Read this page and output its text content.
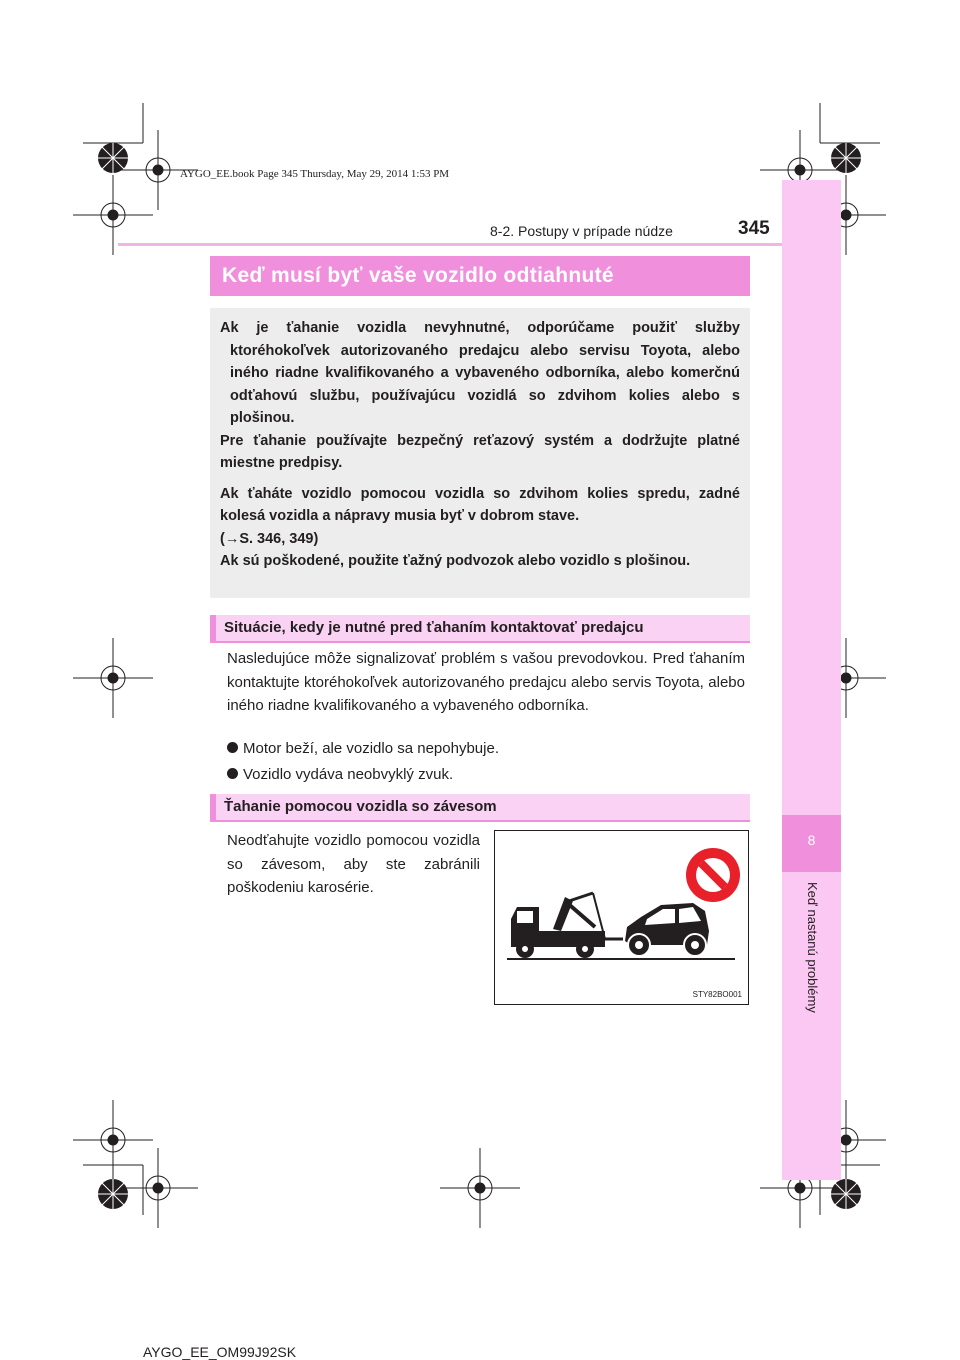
8
Keď nastanú problémy
AYGO_EE.book Page 345 Thursday, May 29, 2014 1:53 PM
8-2. Postupy v prípade núdze	345
Keď musí byť vaše vozidlo odtiahnuté

Ak je ťahanie vozidla nevyhnutné, odporúčame použiť služby ktoréhokoľvek autorizovaného predajcu alebo servisu Toyota, alebo iného riadne kvalifikovaného a vybaveného odborníka, alebo komerčnú odťahovú službu, používajúcu vozidlá so zdvihom kolies alebo s plošinou.

Pre ťahanie používajte bezpečný reťazový systém a dodržujte platné miestne predpisy.

Ak ťaháte vozidlo pomocou vozidla so zdvihom kolies spredu, zadné kolesá vozidla a nápravy musia byť v dobrom stave.

(→S. 346, 349)

Ak sú poškodené, použite ťažný podvozok alebo vozidlo s plošinou.

Situácie, kedy je nutné pred ťahaním kontaktovať predajcu

Nasledujúce môže signalizovať problém s vašou prevodovkou. Pred ťahaním kontaktujte ktoréhokoľvek autorizovaného predajcu alebo servis Toyota, alebo iného riadne kvalifikovaného a vybaveného odborníka.

Motor beží, ale vozidlo sa nepohybuje.
Vozidlo vydáva neobvyklý zvuk.
Ťahanie pomocou vozidla so závesom

Neodťahujte vozidlo pomocou vozidla so závesom, aby ste zabránili poškodeniu karosérie.

STY82BO001
AYGO_EE_OM99J92SK
